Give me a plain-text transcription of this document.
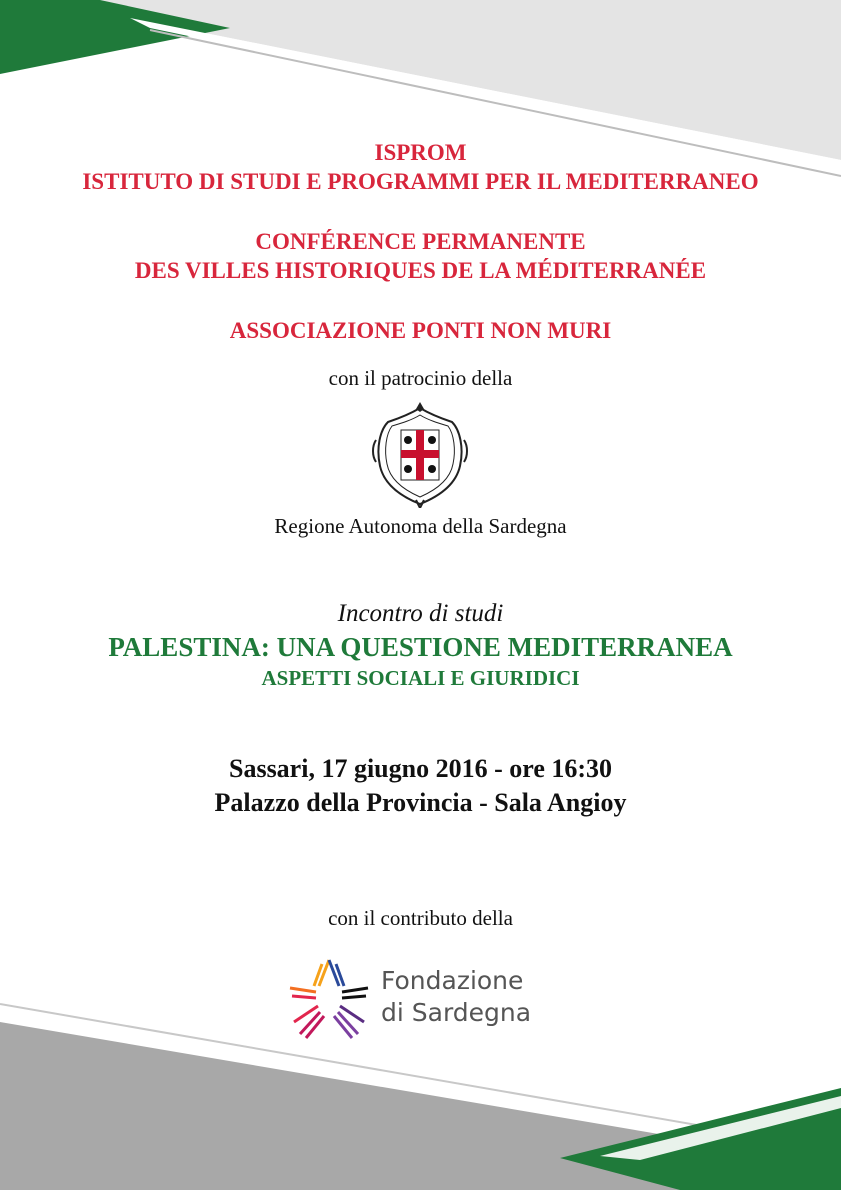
ISPROM
ISTITUTO DI STUDI E PROGRAMMI PER IL MEDITERRANEO
CONFÉRENCE PERMANENTE
DES VILLES HISTORIQUES DE LA MÉDITERRANÉE
ASSOCIAZIONE PONTI NON MURI
con il patrocinio della
Regione Autonoma della Sardegna
Incontro di studi
PALESTINA: UNA QUESTIONE MEDITERRANEA
ASPETTI SOCIALI E GIURIDICI
Sassari, 17 giugno 2016 - ore 16:30
Palazzo della Provincia - Sala Angioy
con il contributo della
Fondazione
di Sardegna
